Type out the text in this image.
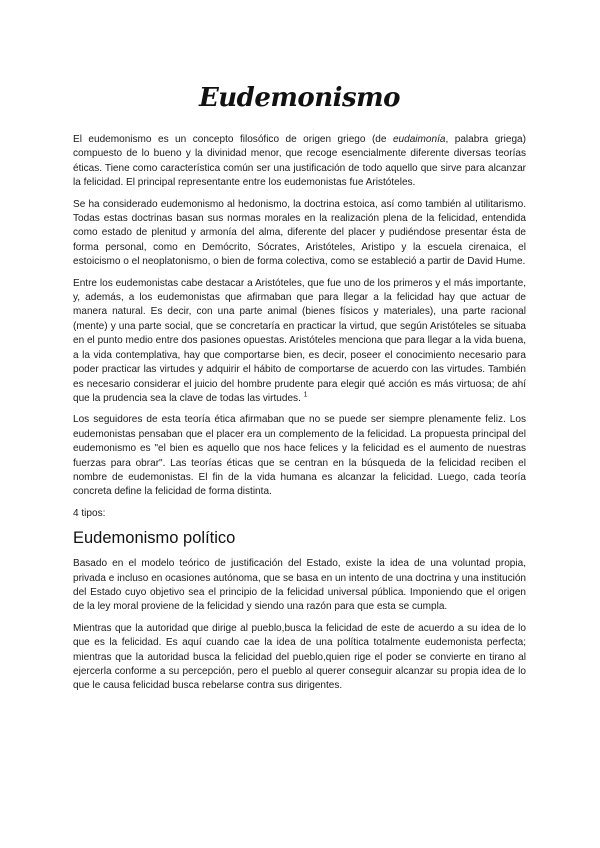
Eudemonismo

El eudemonismo es un concepto filosófico de origen griego (de eudaimonía, palabra griega) compuesto de lo bueno y la divinidad menor, que recoge esencialmente diferente diversas teorías éticas. Tiene como característica común ser una justificación de todo aquello que sirve para alcanzar la felicidad. El principal representante entre los eudemonistas fue Aristóteles.

Se ha considerado eudemonismo al hedonismo, la doctrina estoica, así como también al utilitarismo. Todas estas doctrinas basan sus normas morales en la realización plena de la felicidad, entendida como estado de plenitud y armonía del alma, diferente del placer y pudiéndose presentar ésta de forma personal, como en Demócrito, Sócrates, Aristóteles, Aristipo y la escuela cirenaica, el estoicismo o el neoplatonismo, o bien de forma colectiva, como se estableció a partir de David Hume.

Entre los eudemonistas cabe destacar a Aristóteles, que fue uno de los primeros y el más importante, y, además, a los eudemonistas que afirmaban que para llegar a la felicidad hay que actuar de manera natural. Es decir, con una parte animal (bienes físicos y materiales), una parte racional (mente) y una parte social, que se concretaría en practicar la virtud, que según Aristóteles se situaba en el punto medio entre dos pasiones opuestas. Aristóteles menciona que para llegar a la vida buena, a la vida contemplativa, hay que comportarse bien, es decir, poseer el conocimiento necesario para poder practicar las virtudes y adquirir el hábito de comportarse de acuerdo con las virtudes. También es necesario considerar el juicio del hombre prudente para elegir qué acción es más virtuosa; de ahí que la prudencia sea la clave de todas las virtudes. $^1$

Los seguidores de esta teoría ética afirmaban que no se puede ser siempre plenamente feliz. Los eudemonistas pensaban que el placer era un complemento de la felicidad. La propuesta principal del eudemonismo es "el bien es aquello que nos hace felices y la felicidad es el aumento de nuestras fuerzas para obrar". Las teorías éticas que se centran en la búsqueda de la felicidad reciben el nombre de eudemonistas. El fin de la vida humana es alcanzar la felicidad. Luego, cada teoría concreta define la felicidad de forma distinta.

4 tipos:

Eudemonismo político

Basado en el modelo teórico de justificación del Estado, existe la idea de una voluntad propia, privada e incluso en ocasiones autónoma, que se basa en un intento de una doctrina y una institución del Estado cuyo objetivo sea el principio de la felicidad universal pública. Imponiendo que el origen de la ley moral proviene de la felicidad y siendo una razón para que esta se cumpla.

Mientras que la autoridad que dirige al pueblo,busca la felicidad de este de acuerdo a su idea de lo que es la felicidad. Es aquí cuando cae la idea de una política totalmente eudemonista perfecta; mientras que la autoridad busca la felicidad del pueblo,quien rige el poder se convierte en tirano al ejercerla conforme a su percepción, pero el pueblo al querer conseguir alcanzar su propia idea de lo que le causa felicidad busca rebelarse contra sus dirigentes.
